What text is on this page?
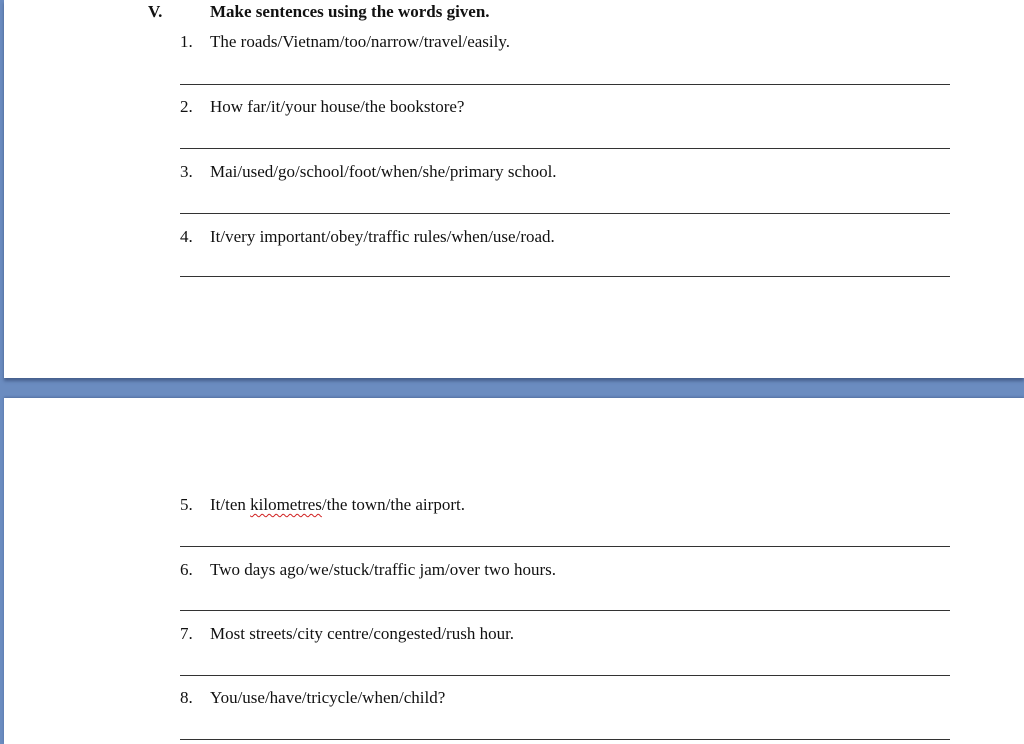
V.	Make sentences using the words given.
1. The roads/Vietnam/too/narrow/travel/easily.
2. How far/it/your house/the bookstore?
3. Mai/used/go/school/foot/when/she/primary school.
4. It/very important/obey/traffic rules/when/use/road.
5. It/ten kilometres/the town/the airport.
6. Two days ago/we/stuck/traffic jam/over two hours.
7. Most streets/city centre/congested/rush hour.
8. You/use/have/tricycle/when/child?
